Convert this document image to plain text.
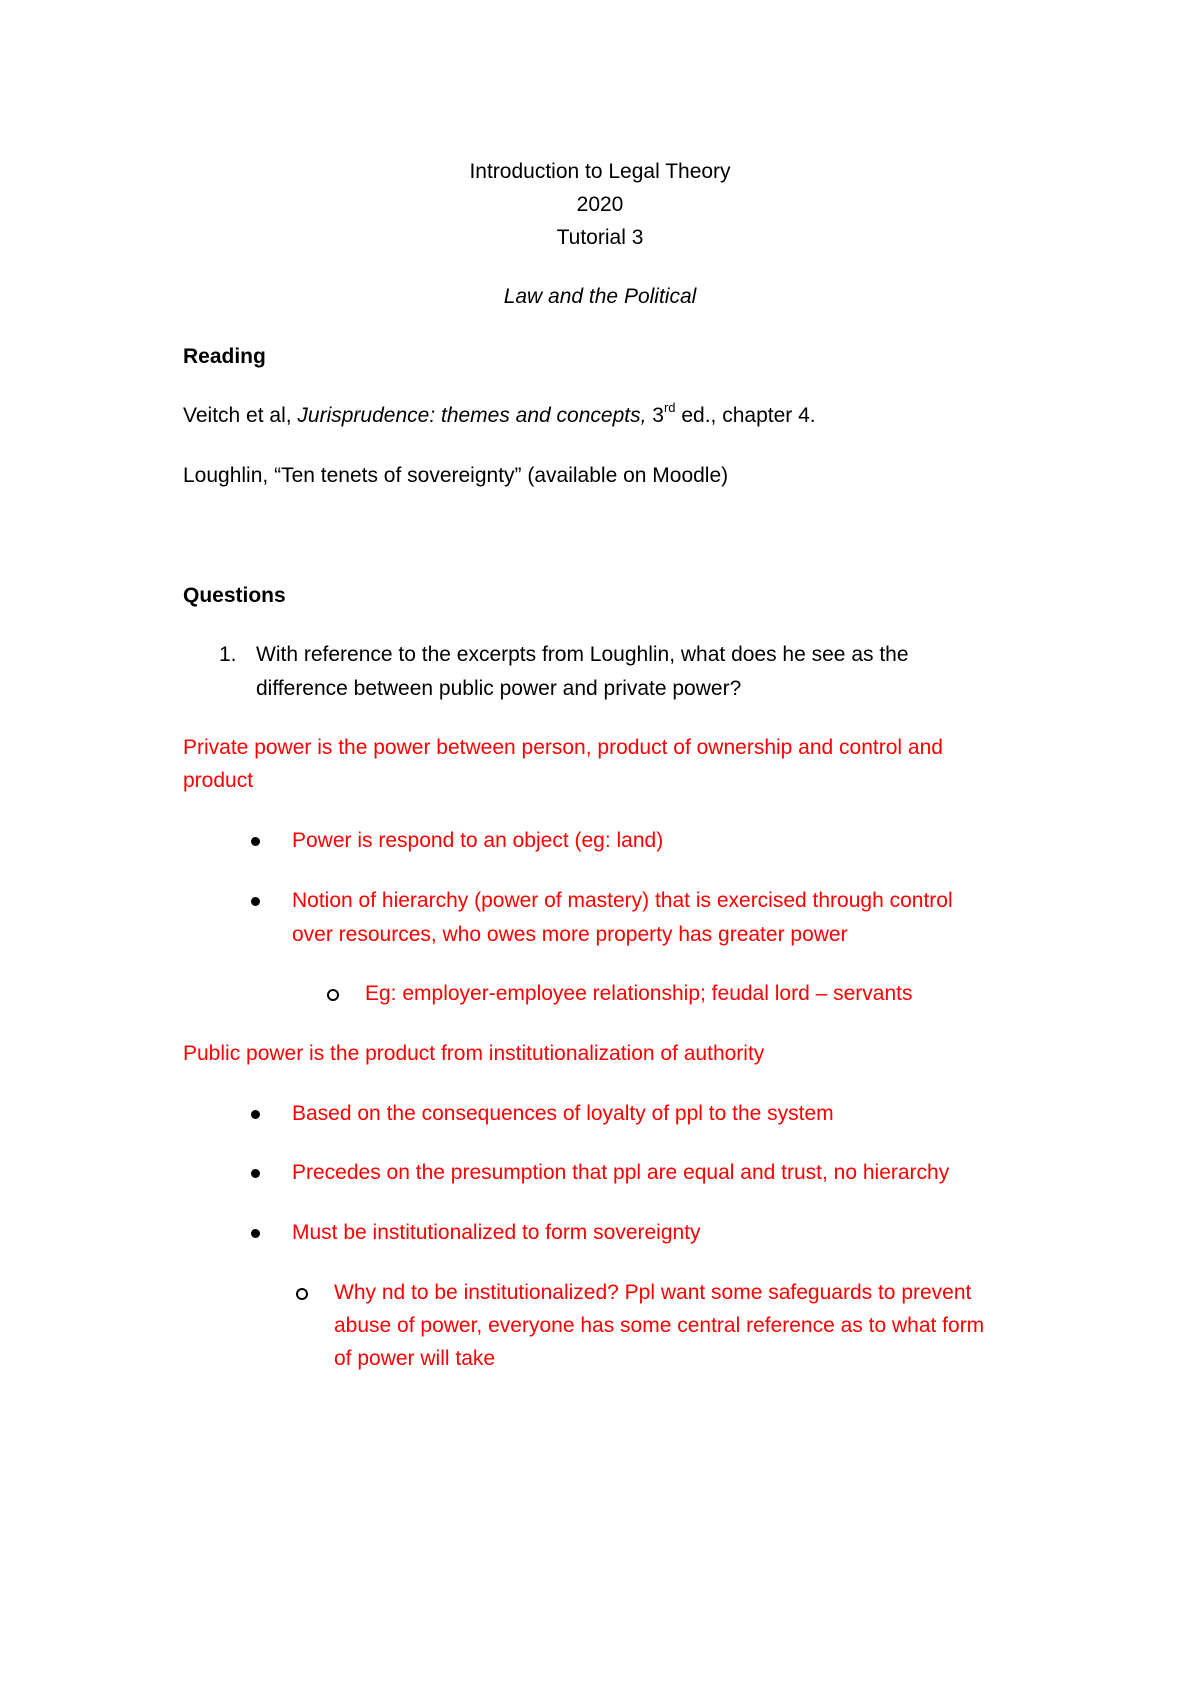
Introduction to Legal Theory
2020
Tutorial 3
Law and the Political
Reading
Veitch et al, Jurisprudence: themes and concepts, 3rd ed., chapter 4.
Loughlin, “Ten tenets of sovereignty” (available on Moodle)
Questions
1. With reference to the excerpts from Loughlin, what does he see as the
difference between public power and private power?
Private power is the power between person, product of ownership and control and
product
Power is respond to an object (eg: land)
Notion of hierarchy (power of mastery) that is exercised through control
over resources, who owes more property has greater power
Eg: employer-employee relationship; feudal lord – servants
Public power is the product from institutionalization of authority
Based on the consequences of loyalty of ppl to the system
Precedes on the presumption that ppl are equal and trust, no hierarchy
Must be institutionalized to form sovereignty
Why nd to be institutionalized? Ppl want some safeguards to prevent
abuse of power, everyone has some central reference as to what form
of power will take
